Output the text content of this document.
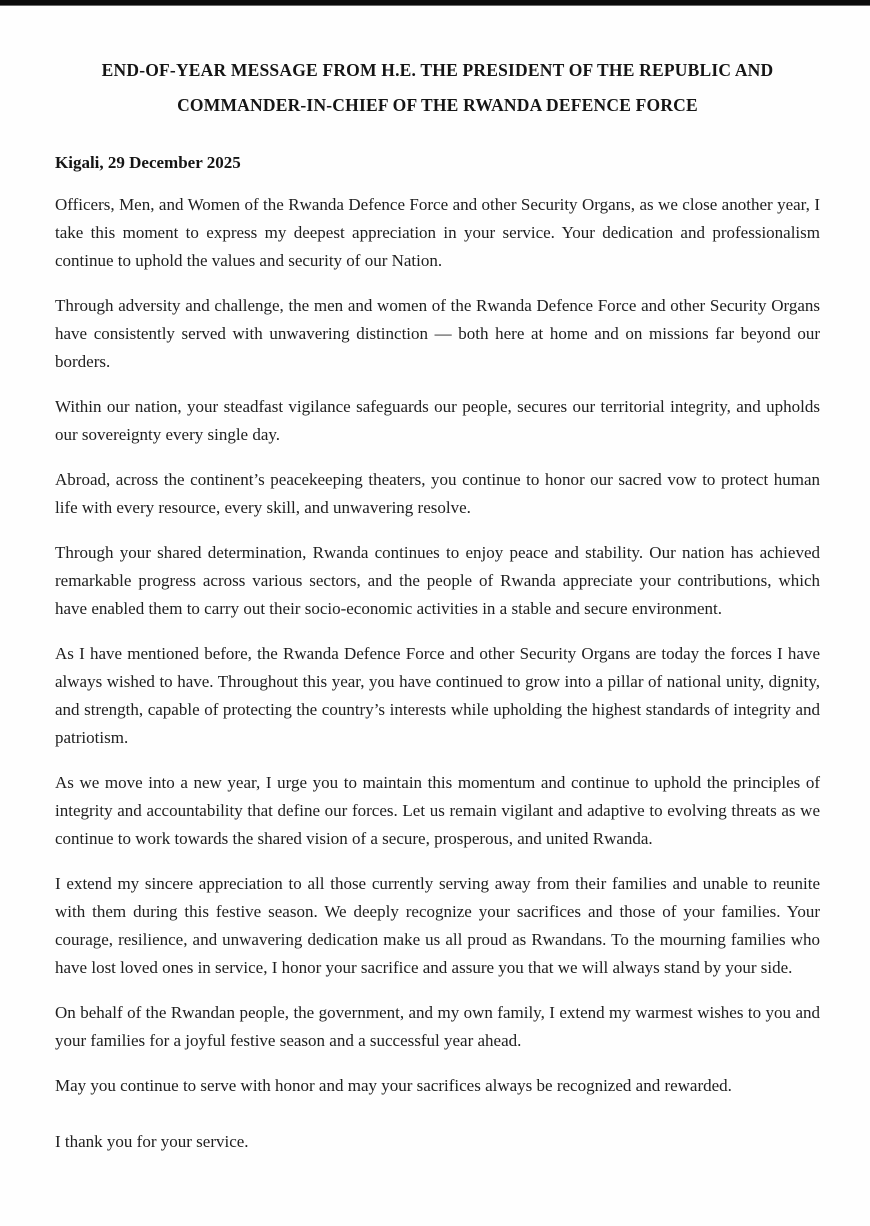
END-OF-YEAR MESSAGE FROM H.E. THE PRESIDENT OF THE REPUBLIC AND
COMMANDER-IN-CHIEF OF THE RWANDA DEFENCE FORCE

Kigali, 29 December 2025

Officers, Men, and Women of the Rwanda Defence Force and other Security Organs, as we close another year, I take this moment to express my deepest appreciation in your service. Your dedication and professionalism continue to uphold the values and security of our Nation.

Through adversity and challenge, the men and women of the Rwanda Defence Force and other Security Organs have consistently served with unwavering distinction — both here at home and on missions far beyond our borders.

Within our nation, your steadfast vigilance safeguards our people, secures our territorial integrity, and upholds our sovereignty every single day.

Abroad, across the continent’s peacekeeping theaters, you continue to honor our sacred vow to protect human life with every resource, every skill, and unwavering resolve.

Through your shared determination, Rwanda continues to enjoy peace and stability. Our nation has achieved remarkable progress across various sectors, and the people of Rwanda appreciate your contributions, which have enabled them to carry out their socio-economic activities in a stable and secure environment.

As I have mentioned before, the Rwanda Defence Force and other Security Organs are today the forces I have always wished to have. Throughout this year, you have continued to grow into a pillar of national unity, dignity, and strength, capable of protecting the country’s interests while upholding the highest standards of integrity and patriotism.

As we move into a new year, I urge you to maintain this momentum and continue to uphold the principles of integrity and accountability that define our forces. Let us remain vigilant and adaptive to evolving threats as we continue to work towards the shared vision of a secure, prosperous, and united Rwanda.

I extend my sincere appreciation to all those currently serving away from their families and unable to reunite with them during this festive season. We deeply recognize your sacrifices and those of your families. Your courage, resilience, and unwavering dedication make us all proud as Rwandans. To the mourning families who have lost loved ones in service, I honor your sacrifice and assure you that we will always stand by your side.

On behalf of the Rwandan people, the government, and my own family, I extend my warmest wishes to you and your families for a joyful festive season and a successful year ahead.

May you continue to serve with honor and may your sacrifices always be recognized and rewarded.

I thank you for your service.
